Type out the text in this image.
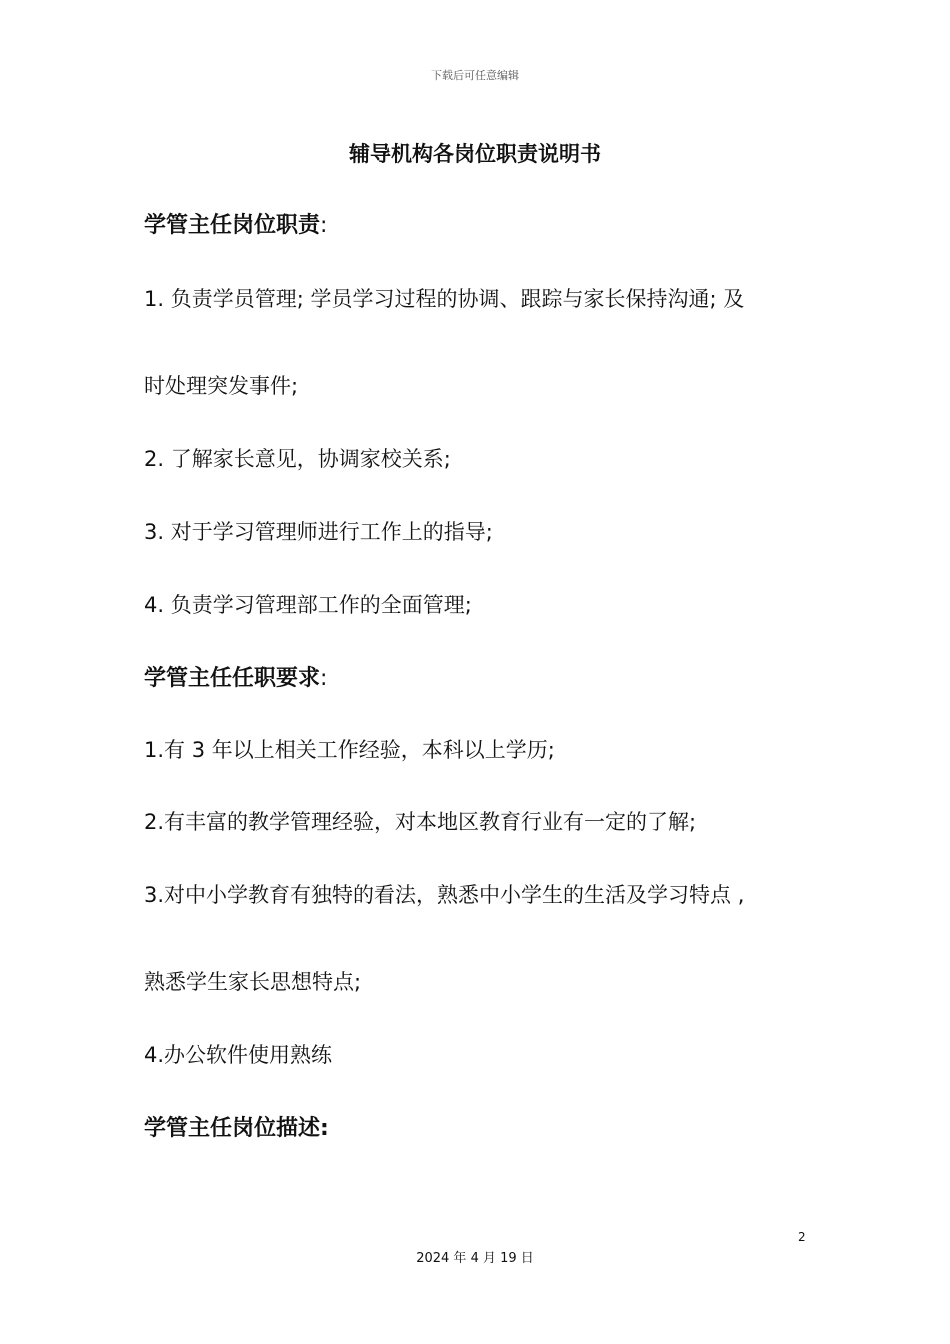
下载后可任意编辑
辅导机构各岗位职责说明书
学管主任岗位职责:
1. 负责学员管理; 学员学习过程的协调、跟踪与家长保持沟通; 及
时处理突发事件;
2. 了解家长意见，协调家校关系;
3. 对于学习管理师进行工作上的指导;
4. 负责学习管理部工作的全面管理;
学管主任任职要求:
1.有 3 年以上相关工作经验，本科以上学历;
2.有丰富的教学管理经验，对本地区教育行业有一定的了解;
3.对中小学教育有独特的看法，熟悉中小学生的生活及学习特点 ,
熟悉学生家长思想特点;
4.办公软件使用熟练
学管主任岗位描述:
2
2024 年 4 月 19 日
